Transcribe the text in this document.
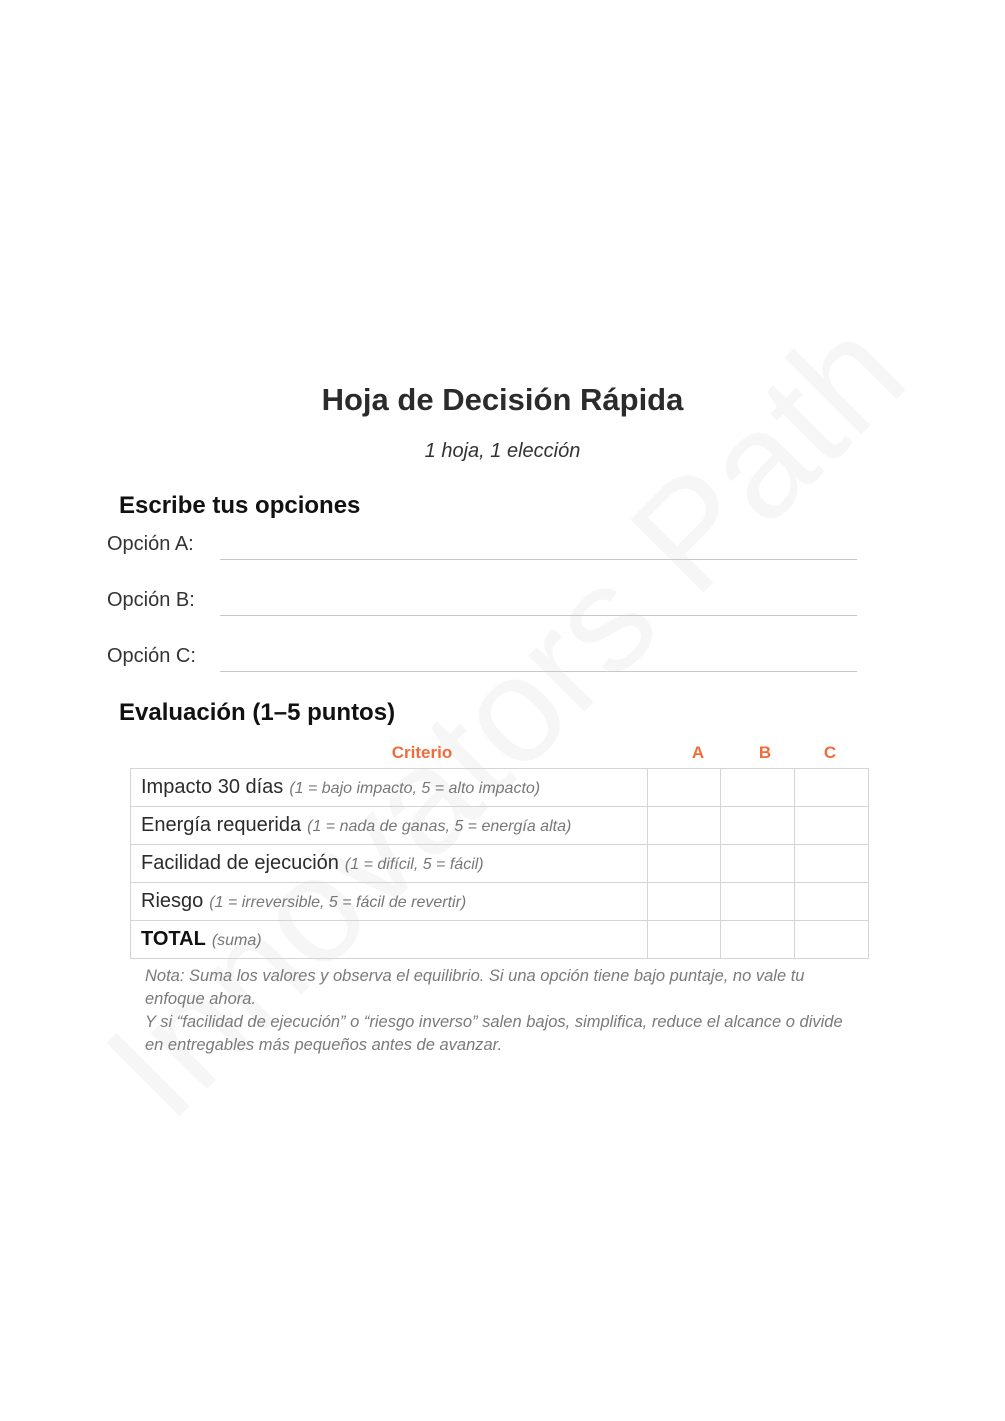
Hoja de Decisión Rápida
1 hoja, 1 elección
Escribe tus opciones
Opción A:
Opción B:
Opción C:
Evaluación (1–5 puntos)
Criterio	A	B	C
Impacto 30 días (1 = bajo impacto, 5 = alto impacto)			
Energía requerida (1 = nada de ganas, 5 = energía alta)			
Facilidad de ejecución (1 = difícil, 5 = fácil)			
Riesgo (1 = irreversible, 5 = fácil de revertir)			
TOTAL (suma)			

Nota: Suma los valores y observa el equilibrio. Si una opción tiene bajo puntaje, no vale tu enfoque ahora.

Y si “facilidad de ejecución” o “riesgo inverso” salen bajos, simplifica, reduce el alcance o divide en entregables más pequeños antes de avanzar.
